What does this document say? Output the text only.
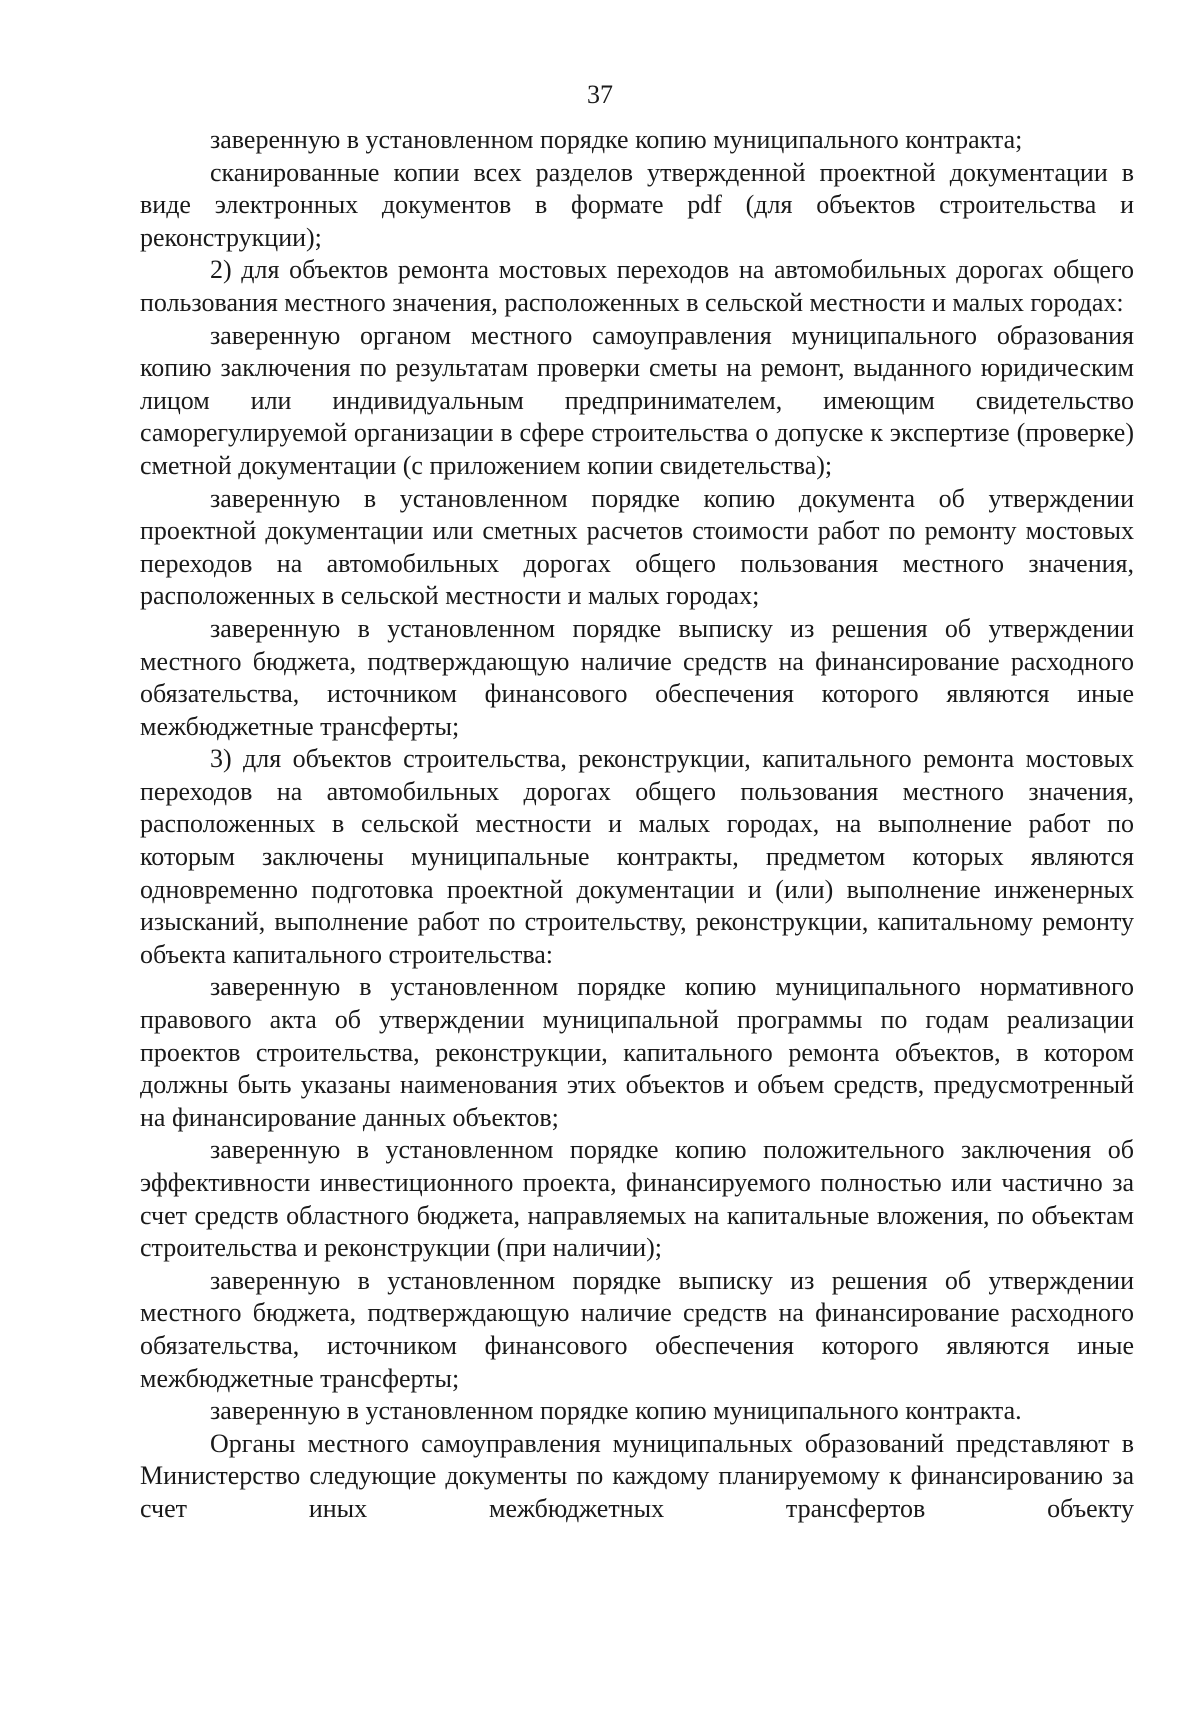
37

заверенную в установленном порядке копию муниципального контракта;

сканированные копии всех разделов утвержденной проектной документации в виде электронных документов в формате pdf (для объектов строительства и реконструкции);

2) для объектов ремонта мостовых переходов на автомобильных дорогах общего пользования местного значения, расположенных в сельской местности и малых городах:

заверенную органом местного самоуправления муниципального образования копию заключения по результатам проверки сметы на ремонт, выданного юридическим лицом или индивидуальным предпринимателем, имеющим свидетельство саморегулируемой организации в сфере строительства о допуске к экспертизе (проверке) сметной документации (с приложением копии свидетельства);

заверенную в установленном порядке копию документа об утверждении проектной документации или сметных расчетов стоимости работ по ремонту мостовых переходов на автомобильных дорогах общего пользования местного значения, расположенных в сельской местности и малых городах;

заверенную в установленном порядке выписку из решения об утверждении местного бюджета, подтверждающую наличие средств на финансирование расходного обязательства, источником финансового обеспечения которого являются иные межбюджетные трансферты;

3) для объектов строительства, реконструкции, капитального ремонта мостовых переходов на автомобильных дорогах общего пользования местного значения, расположенных в сельской местности и малых городах, на выполнение работ по которым заключены муниципальные контракты, предметом которых являются одновременно подготовка проектной документации и (или) выполнение инженерных изысканий, выполнение работ по строительству, реконструкции, капитальному ремонту объекта капитального строительства:

заверенную в установленном порядке копию муниципального нормативного правового акта об утверждении муниципальной программы по годам реализации проектов строительства, реконструкции, капитального ремонта объектов, в котором должны быть указаны наименования этих объектов и объем средств, предусмотренный на финансирование данных объектов;

заверенную в установленном порядке копию положительного заключения об эффективности инвестиционного проекта, финансируемого полностью или частично за счет средств областного бюджета, направляемых на капитальные вложения, по объектам строительства и реконструкции (при наличии);

заверенную в установленном порядке выписку из решения об утверждении местного бюджета, подтверждающую наличие средств на финансирование расходного обязательства, источником финансового обеспечения которого являются иные межбюджетные трансферты;

заверенную в установленном порядке копию муниципального контракта.

Органы местного самоуправления муниципальных образований представляют в Министерство следующие документы по каждому планируемому к финансированию за счет иных межбюджетных трансфертов объекту
